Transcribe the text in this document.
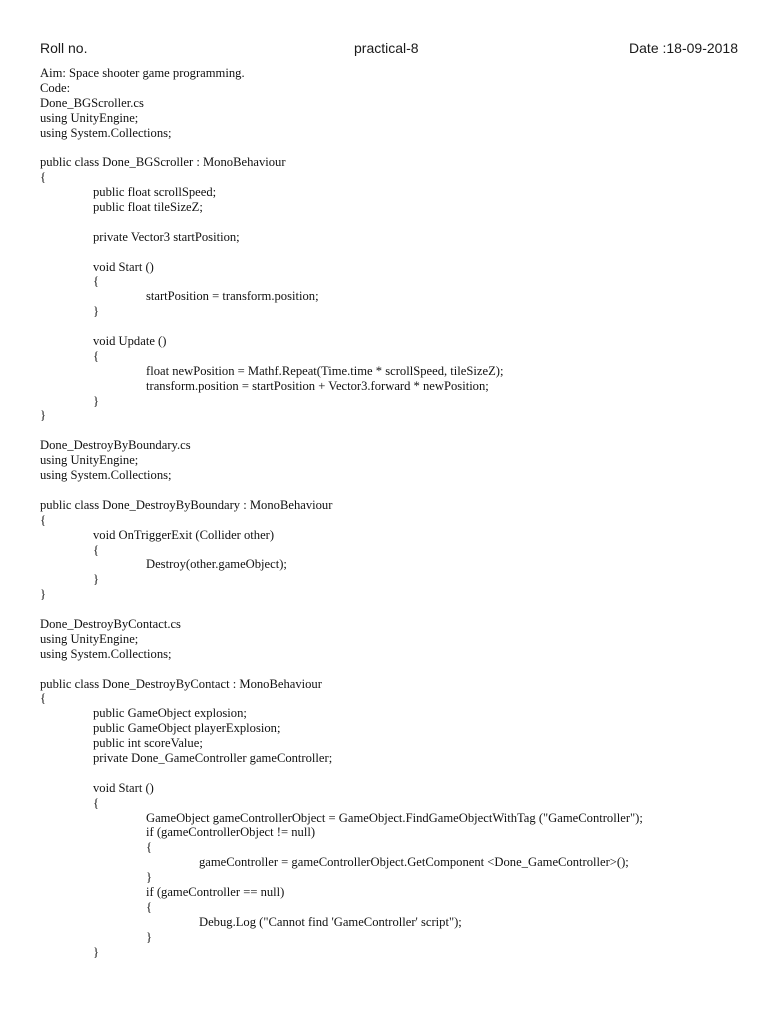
Roll no.	practical-8	Date :18-09-2018
Aim: Space shooter game programming.
Code:
Done_BGScroller.cs
using UnityEngine;
using System.Collections;
public class Done_BGScroller : MonoBehaviour
{
public float scrollSpeed;
public float tileSizeZ;
private Vector3 startPosition;
void Start ()
{
startPosition = transform.position;
}
void Update ()
{
float newPosition = Mathf.Repeat(Time.time * scrollSpeed, tileSizeZ);
transform.position = startPosition + Vector3.forward * newPosition;
}
}
Done_DestroyByBoundary.cs
using UnityEngine;
using System.Collections;
public class Done_DestroyByBoundary : MonoBehaviour
{
void OnTriggerExit (Collider other)
{
Destroy(other.gameObject);
}
}
Done_DestroyByContact.cs
using UnityEngine;
using System.Collections;
public class Done_DestroyByContact : MonoBehaviour
{
public GameObject explosion;
public GameObject playerExplosion;
public int scoreValue;
private Done_GameController gameController;
void Start ()
{
GameObject gameControllerObject = GameObject.FindGameObjectWithTag ("GameController");
if (gameControllerObject != null)
{
gameController = gameControllerObject.GetComponent <Done_GameController>();
}
if (gameController == null)
{
Debug.Log ("Cannot find 'GameController' script");
}
}
